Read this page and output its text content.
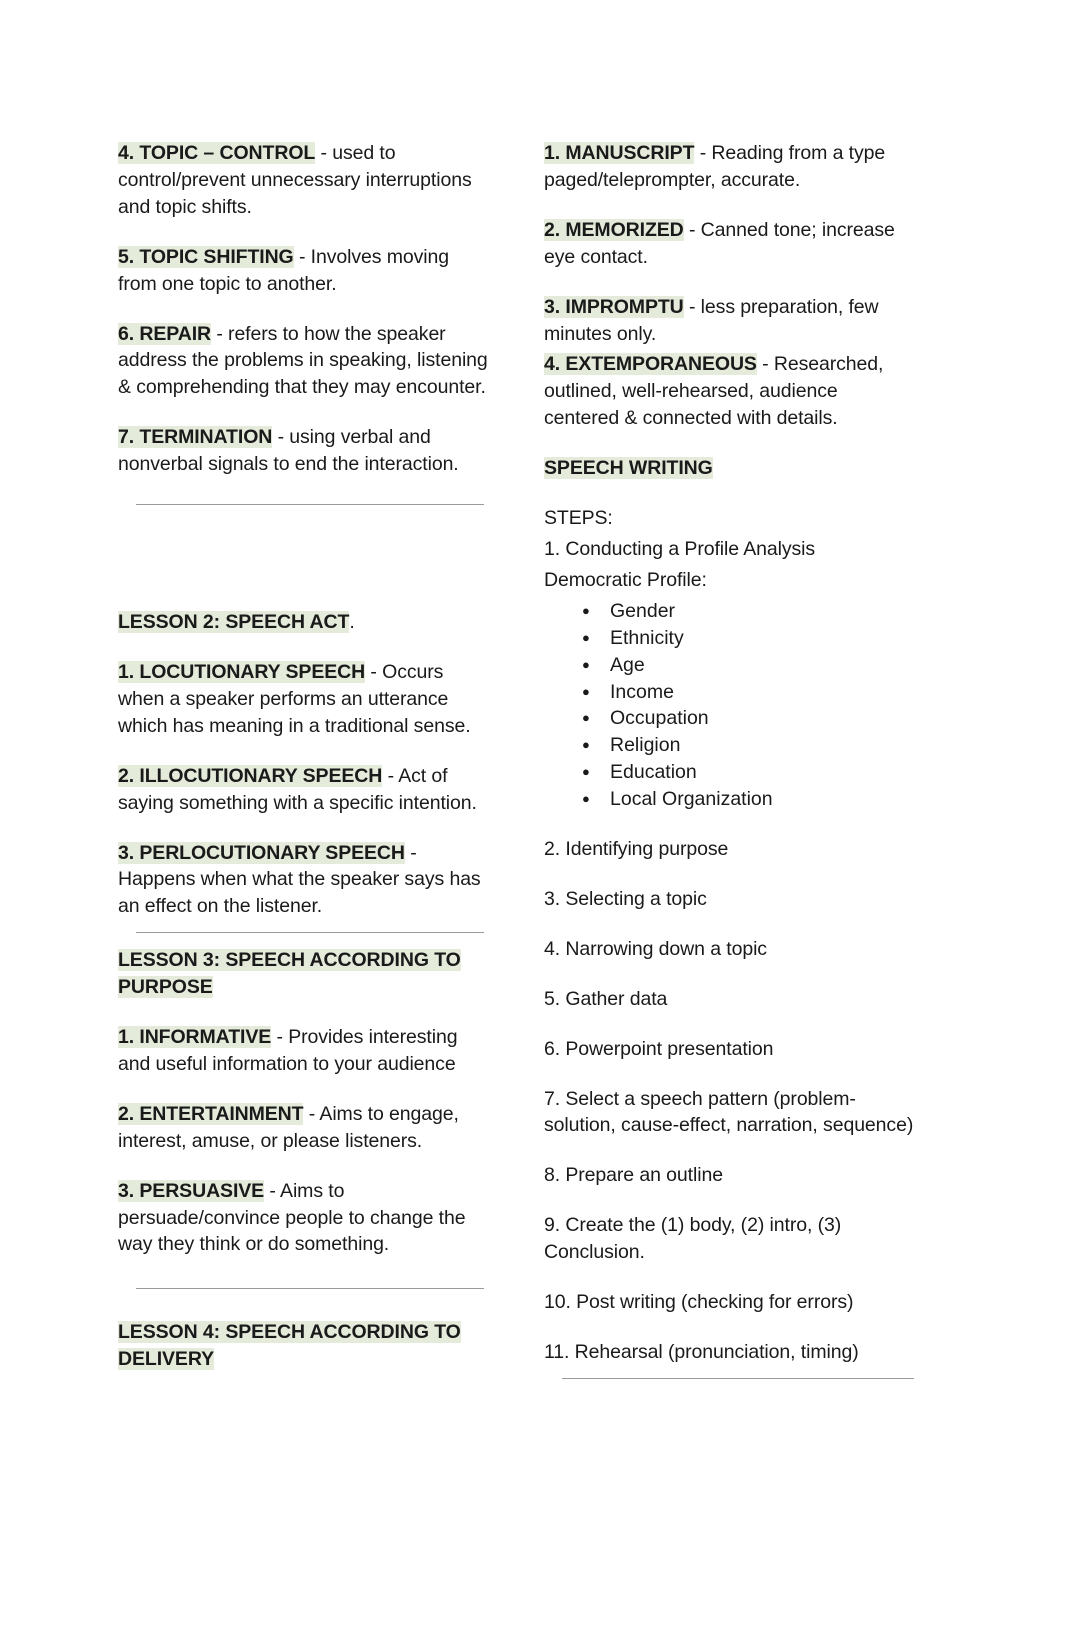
4. TOPIC – CONTROL - used to control/prevent unnecessary interruptions and topic shifts.

5. TOPIC SHIFTING - Involves moving from one topic to another.

6. REPAIR - refers to how the speaker address the problems in speaking, listening & comprehending that they may encounter.

7. TERMINATION - using verbal and nonverbal signals to end the interaction.

LESSON 2: SPEECH ACT.

1. LOCUTIONARY SPEECH - Occurs when a speaker performs an utterance which has meaning in a traditional sense.

2. ILLOCUTIONARY SPEECH - Act of saying something with a specific intention.

3. PERLOCUTIONARY SPEECH - Happens when what the speaker says has an effect on the listener.

LESSON 3: SPEECH ACCORDING TO PURPOSE

1. INFORMATIVE - Provides interesting and useful information to your audience

2. ENTERTAINMENT - Aims to engage, interest, amuse, or please listeners.

3. PERSUASIVE - Aims to persuade/convince people to change the way they think or do something.

LESSON 4: SPEECH ACCORDING TO DELIVERY

1. MANUSCRIPT - Reading from a type paged/teleprompter, accurate.

2. MEMORIZED - Canned tone; increase eye contact.

3. IMPROMPTU - less preparation, few minutes only.

4. EXTEMPORANEOUS - Researched, outlined, well-rehearsed, audience centered & connected with details.

SPEECH WRITING

STEPS:

1. Conducting a Profile Analysis

Democratic Profile:

● Gender
● Ethnicity
● Age
● Income
● Occupation
● Religion
● Education
● Local Organization

2. Identifying purpose

3. Selecting a topic

4. Narrowing down a topic

5. Gather data

6. Powerpoint presentation

7. Select a speech pattern (problem-solution, cause-effect, narration, sequence)

8. Prepare an outline

9. Create the (1) body, (2) intro, (3) Conclusion.

10. Post writing (checking for errors)

11. Rehearsal (pronunciation, timing)
